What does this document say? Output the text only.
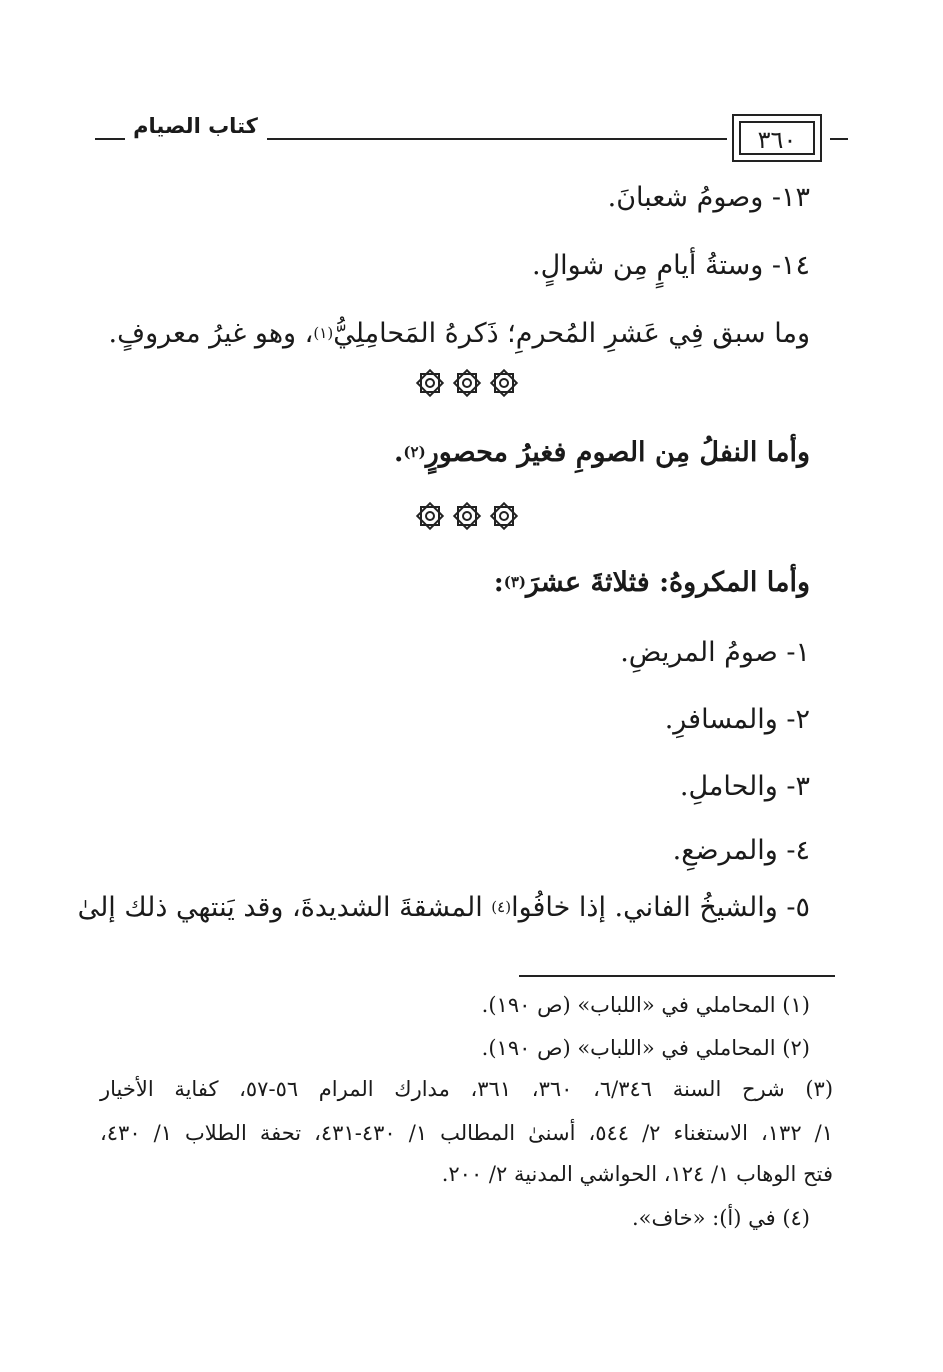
كتاب الصيام	٣٦٠
١٣- وصومُ شعبانَ.
١٤- وستةُ أيامٍ مِن شوالٍ.
وما سبق فِي عَشرِ المُحرمِ؛ ذَكرهُ المَحامِلِيُّ$^{(١)}$، وهو غيرُ معروفٍ.
وأما النفلُ مِن الصومِ فغيرُ محصورٍ$^{(٢)}$.
وأما المكروهُ: فثلاثةَ عشرَ$^{(٣)}$:
١- صومُ المريضِ.
٢- والمسافرِ.
٣- والحاملِ.
٤- والمرضعِ.
٥- والشيخُ الفاني. إذا خافُوا$^{(٤)}$ المشقةَ الشديدةَ، وقد يَنتهي ذلك إلىٰ
(١) المحاملي في «اللباب» (ص ١٩٠).
(٢) المحاملي في «اللباب» (ص ١٩٠).
(٣) شرح السنة ٦/٣٤٦، ٣٦٠، ٣٦١، مدارك المرام ٥٦-٥٧، كفاية الأخيار
١/ ١٣٢، الاستغناء ٢/ ٥٤٤، أسنىٰ المطالب ١/ ٤٣٠-٤٣١، تحفة الطلاب ١/ ٤٣٠،
فتح الوهاب ١/ ١٢٤، الحواشي المدنية ٢/ ٢٠٠.
(٤) في (أ): «خاف».
